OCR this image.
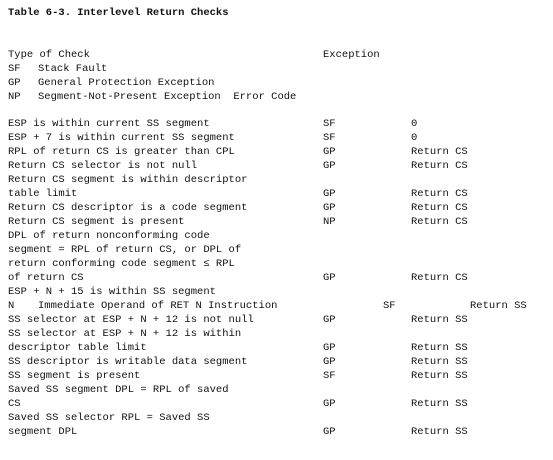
Table 6-3. Interlevel Return Checks
Type of Check	Exception
SF Stack Fault
GP General Protection Exception
NP Segment-Not-Present Exception  Error Code
ESP is within current SS segment	SF	0
ESP + 7 is within current SS segment	SF	0
RPL of return CS is greater than CPL	GP	Return CS
Return CS selector is not null	GP	Return CS
Return CS segment is within descriptor
table limit	GP	Return CS
Return CS descriptor is a code segment	GP	Return CS
Return CS segment is present	NP	Return CS
DPL of return nonconforming code
segment = RPL of return CS, or DPL of
return conforming code segment ≤ RPL
of return CS	GP	Return CS
ESP + N + 15 is within SS segment
N Immediate Operand of RET N Instruction	SF	Return SS
SS selector at ESP + N + 12 is not null	GP	Return SS
SS selector at ESP + N + 12 is within
descriptor table limit	GP	Return SS
SS descriptor is writable data segment	GP	Return SS
SS segment is present	SF	Return SS
Saved SS segment DPL = RPL of saved
CS	GP	Return SS
Saved SS selector RPL = Saved SS
segment DPL	GP	Return SS
